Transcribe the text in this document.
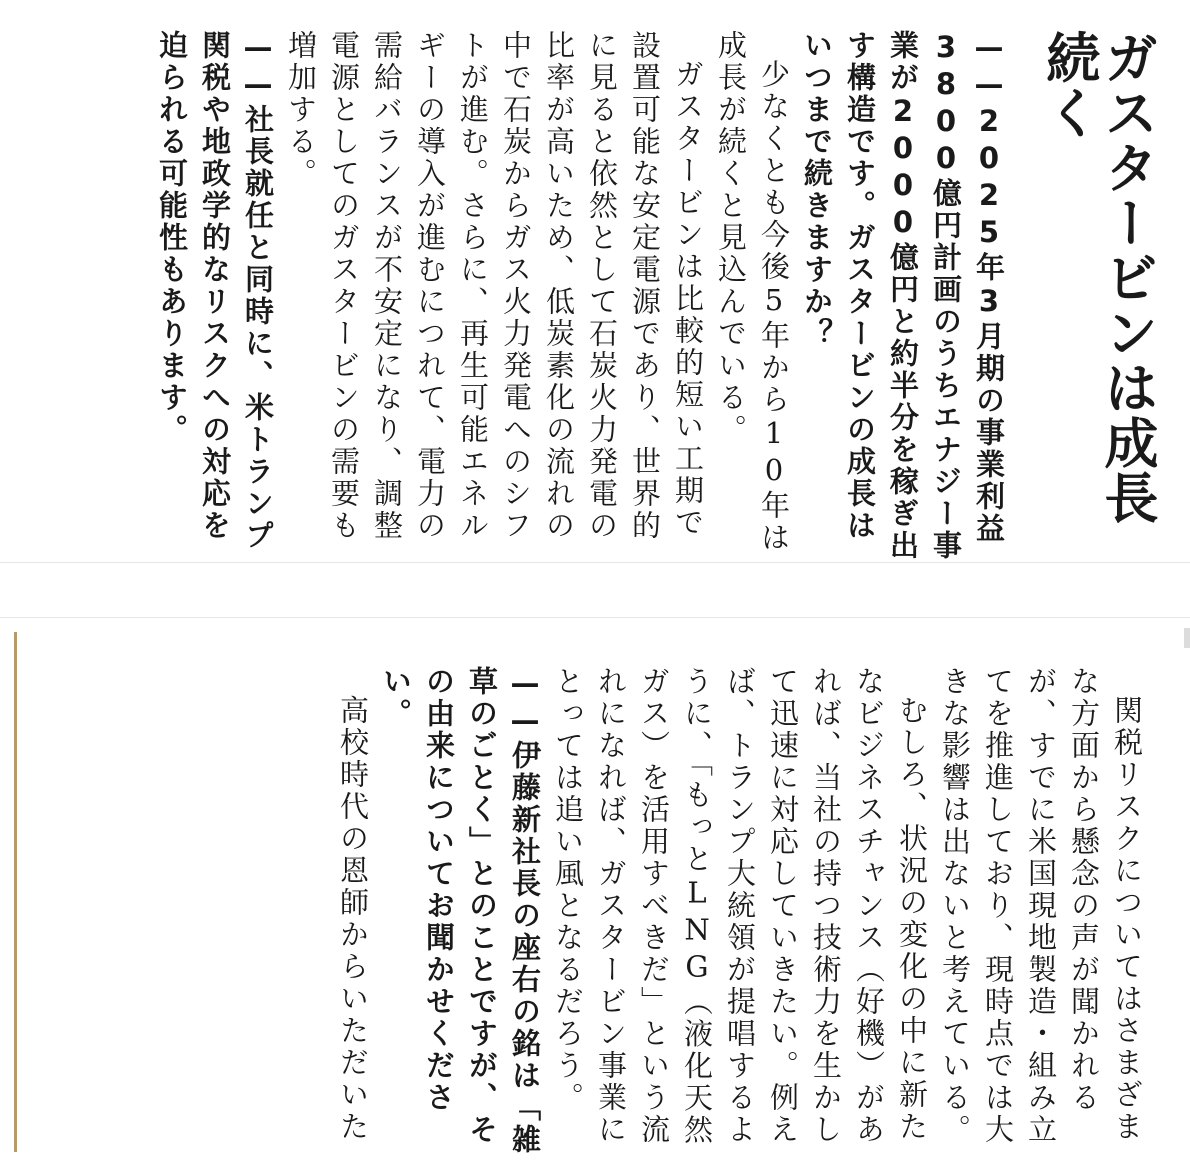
ガスタービンは成長続く

——2025年3月期の事業利益3800億円計画のうちエナジー事業が2000億円と約半分を稼ぎ出す構造です。ガスタービンの成長はいつまで続きますか？

少なくとも今後5年から10年は成長が続くと見込んでいる。

ガスタービンは比較的短い工期で設置可能な安定電源であり、世界的に見ると依然として石炭火力発電の比率が高いため、低炭素化の流れの中で石炭からガス火力発電へのシフトが進む。さらに、再生可能エネルギーの導入が進むにつれて、電力の需給バランスが不安定になり、調整電源としてのガスタービンの需要も増加する。

——社長就任と同時に、米トランプ関税や地政学的なリスクへの対応を迫られる可能性もあります。

関税リスクについてはさまざまな方面から懸念の声が聞かれるが、すでに米国現地製造・組み立てを推進しており、現時点では大きな影響は出ないと考えている。

むしろ、状況の変化の中に新たなビジネスチャンス（好機）があれば、当社の持つ技術力を生かして迅速に対応していきたい。例えば、トランプ大統領が提唱するように、「もっとLNG（液化天然ガス）を活用すべきだ」という流れになれば、ガスタービン事業にとっては追い風となるだろう。

——伊藤新社長の座右の銘は「雑草のごとく」とのことですが、その由来についてお聞かせください。

高校時代の恩師からいただいた
